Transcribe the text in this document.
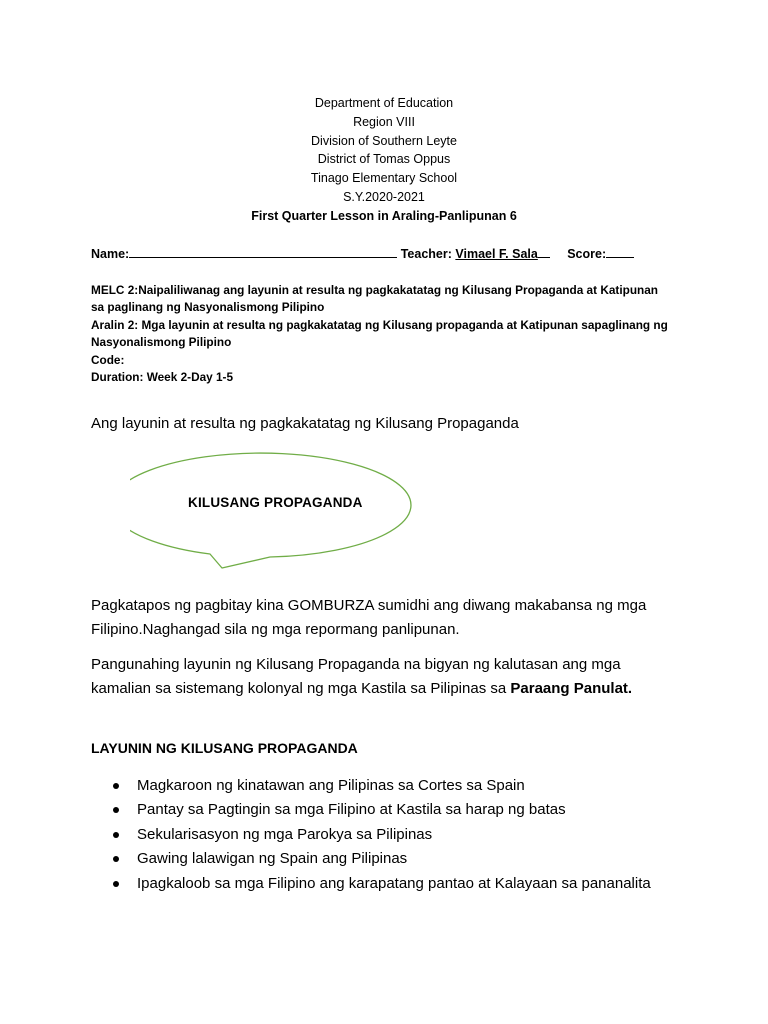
Department of Education
Region VIII
Division of Southern Leyte
District of Tomas Oppus
Tinago Elementary School
S.Y.2020-2021
First Quarter Lesson in Araling-Panlipunan 6
Name:	Teacher: Vimael F. Sala Score:
MELC 2:Naipaliliwanag ang layunin at resulta ng pagkakatatag ng Kilusang Propaganda at Katipunan
sa paglinang ng Nasyonalismong Pilipino
Aralin 2: Mga layunin at resulta ng pagkakatatag ng Kilusang propaganda at Katipunan sapaglinang ng
Nasyonalismong Pilipino
Code:
Duration: Week 2-Day 1-5
Ang layunin at resulta ng pagkakatatag ng Kilusang Propaganda
KILUSANG PROPAGANDA
Pagkatapos ng pagbitay kina GOMBURZA sumidhi ang diwang makabansa ng mga
Filipino.Naghangad sila ng mga repormang panlipunan.
Pangunahing layunin ng Kilusang Propaganda na bigyan ng kalutasan ang mga
kamalian sa sistemang kolonyal ng mga Kastila sa Pilipinas sa Paraang Panulat.
LAYUNIN NG KILUSANG PROPAGANDA
Magkaroon ng kinatawan ang Pilipinas sa Cortes sa Spain
Pantay sa Pagtingin sa mga Filipino at Kastila sa harap ng batas
Sekularisasyon ng mga Parokya sa Pilipinas
Gawing lalawigan ng Spain ang Pilipinas
Ipagkaloob sa mga Filipino ang karapatang pantao at Kalayaan sa pananalita
